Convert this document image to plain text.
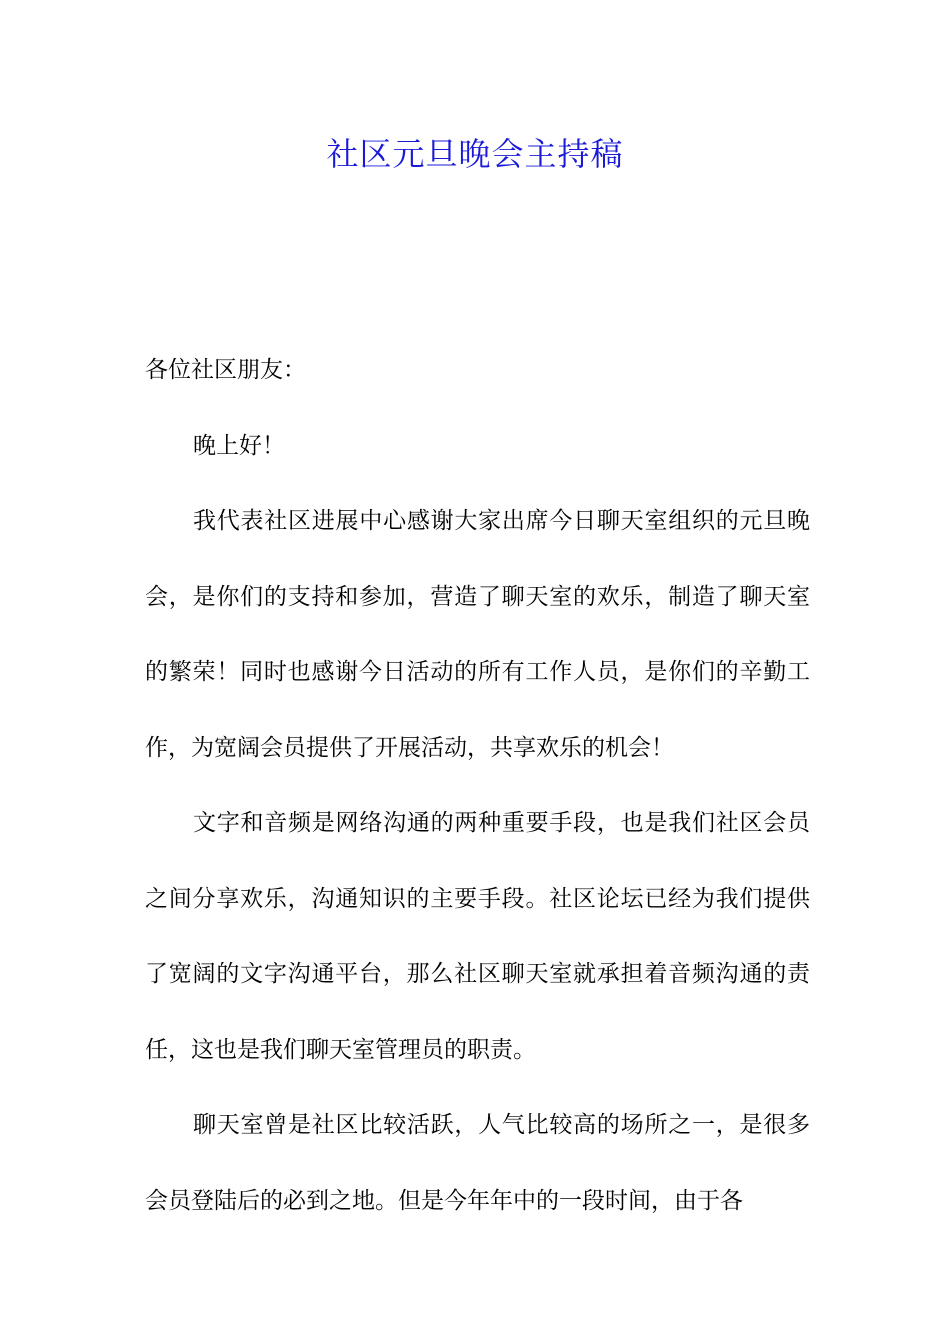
社区元旦晚会主持稿

各位社区朋友：

晚上好！

我代表社区进展中心感谢大家出席今日聊天室组织的元旦晚会，是你们的支持和参加，营造了聊天室的欢乐，制造了聊天室的繁荣！同时也感谢今日活动的所有工作人员，是你们的辛勤工作，为宽阔会员提供了开展活动，共享欢乐的机会！

文字和音频是网络沟通的两种重要手段，也是我们社区会员之间分享欢乐，沟通知识的主要手段。社区论坛已经为我们提供了宽阔的文字沟通平台，那么社区聊天室就承担着音频沟通的责任，这也是我们聊天室管理员的职责。

聊天室曾是社区比较活跃，人气比较高的场所之一，是很多会员登陆后的必到之地。但是今年年中的一段时间，由于各
